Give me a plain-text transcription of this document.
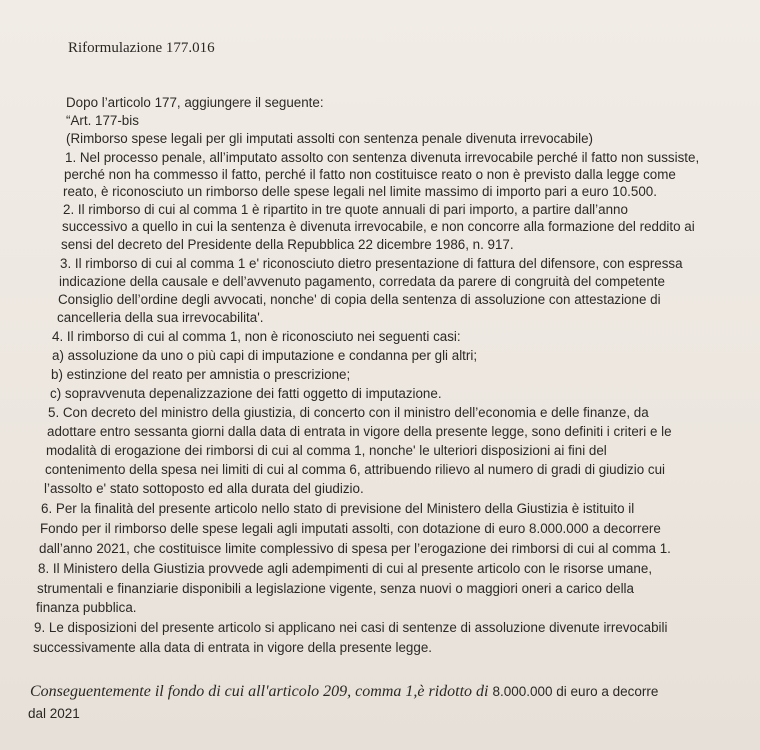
Riformulazione 177.016
Dopo l’articolo 177, aggiungere il seguente:
“Art. 177-bis
(Rimborso spese legali per gli imputati assolti con sentenza penale divenuta irrevocabile)
1. Nel processo penale, all’imputato assolto con sentenza divenuta irrevocabile perché il fatto non sussiste,
perché non ha commesso il fatto, perché il fatto non costituisce reato o non è previsto dalla legge come
reato, è riconosciuto un rimborso delle spese legali nel limite massimo di importo pari a euro 10.500.
2. Il rimborso di cui al comma 1 è ripartito in tre quote annuali di pari importo, a partire dall’anno
successivo a quello in cui la sentenza è divenuta irrevocabile, e non concorre alla formazione del reddito ai
sensi del decreto del Presidente della Repubblica 22 dicembre 1986, n. 917.
3. Il rimborso di cui al comma 1 e' riconosciuto dietro presentazione di fattura del difensore, con espressa
indicazione della causale e dell’avvenuto pagamento, corredata da parere di congruità del competente
Consiglio dell’ordine degli avvocati, nonche' di copia della sentenza di assoluzione con attestazione di
cancelleria della sua irrevocabilita'.
4. Il rimborso di cui al comma 1, non è riconosciuto nei seguenti casi:
a) assoluzione da uno o più capi di imputazione e condanna per gli altri;
b) estinzione del reato per amnistia o prescrizione;
c) sopravvenuta depenalizzazione dei fatti oggetto di imputazione.
5. Con decreto del ministro della giustizia, di concerto con il ministro dell’economia e delle finanze, da
adottare entro sessanta giorni dalla data di entrata in vigore della presente legge, sono definiti i criteri e le
modalità di erogazione dei rimborsi di cui al comma 1, nonche' le ulteriori disposizioni ai fini del
contenimento della spesa nei limiti di cui al comma 6, attribuendo rilievo al numero di gradi di giudizio cui
l’assolto e' stato sottoposto ed alla durata del giudizio.
6. Per la finalità del presente articolo nello stato di previsione del Ministero della Giustizia è istituito il
Fondo per il rimborso delle spese legali agli imputati assolti, con dotazione di euro 8.000.000 a decorrere
dall’anno 2021, che costituisce limite complessivo di spesa per l’erogazione dei rimborsi di cui al comma 1.
8. Il Ministero della Giustizia provvede agli adempimenti di cui al presente articolo con le risorse umane,
strumentali e finanziarie disponibili a legislazione vigente, senza nuovi o maggiori oneri a carico della
finanza pubblica.
9. Le disposizioni del presente articolo si applicano nei casi di sentenze di assoluzione divenute irrevocabili
successivamente alla data di entrata in vigore della presente legge.
Conseguentemente il fondo di cui all'articolo 209, comma 1,è ridotto di 8.000.000 di euro a decorre
dal 2021
